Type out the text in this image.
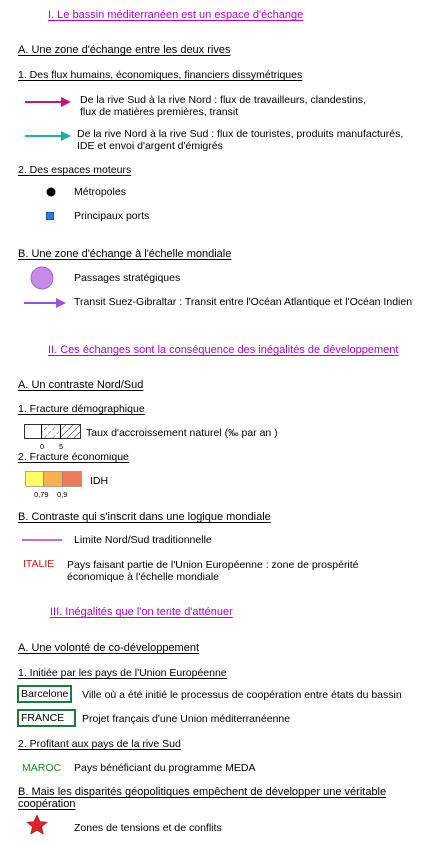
I. Le bassin méditerranéen est un espace d'échange
A. Une zone d'échange entre les deux rives
1. Des flux humains, économiques, financiers dissymétriques
De la rive Sud à la rive Nord : flux de travailleurs, clandestins,
flux de matières premières, transit
De la rive Nord à la rive Sud : flux de touristes, produits manufacturés,
IDE et envoi d'argent d'émigrés
2. Des espaces moteurs
Métropoles
Principaux ports
B. Une zone d'échange à l'échelle mondiale
Passages stratégiques
Transit Suez-Gibraltar : Transit entre l'Océan Atlantique et l'Océan Indien
II. Ces échanges sont la conséquence des inégalités de développement
A. Un contraste Nord/Sud
1. Fracture démographique
0 5
Taux d'accroissement naturel (‰ par an )
2. Fracture économique
0,79 0,9
IDH
B. Contraste qui s'inscrit dans une logique mondiale
Limite Nord/Sud traditionnelle
ITALIE Pays faisant partie de l'Union Européenne : zone de prospérité
économique à l'échelle mondiale
III. Inégalités que l'on tente d'atténuer
A. Une volonté de co-développement
1. Initiée par les pays de l'Union Européenne
Barcelone	Ville où a été initié le processus de coopération entre états du bassin
FRANCE	Projet français d'une Union méditerranéenne
2. Profitant aux pays de la rive Sud
MAROC Pays bénéficiant du programme MEDA
B. Mais les disparités géopolitiques empêchent de développer une véritable
coopération
Zones de tensions et de conflits
